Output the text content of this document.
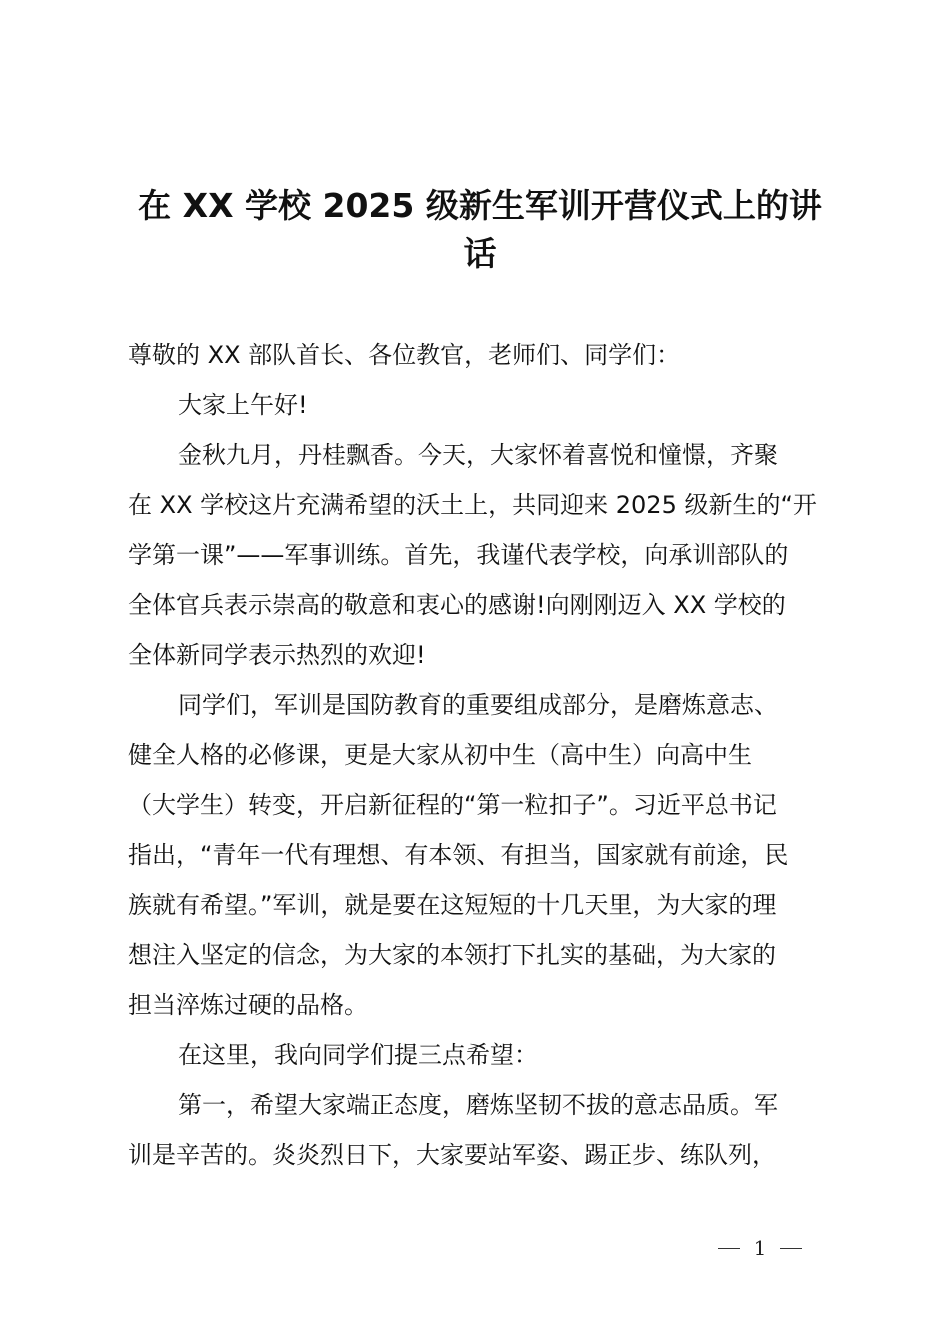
在 XX 学校 2025 级新生军训开营仪式上的讲
话
尊敬的 XX 部队首长、各位教官，老师们、同学们：
大家上午好!
金秋九月，丹桂飘香。今天，大家怀着喜悦和憧憬，齐聚
在 XX 学校这片充满希望的沃土上，共同迎来 2025 级新生的“开
学第一课”——军事训练。首先，我谨代表学校，向承训部队的
全体官兵表示崇高的敬意和衷心的感谢!向刚刚迈入 XX 学校的
全体新同学表示热烈的欢迎!
同学们，军训是国防教育的重要组成部分，是磨炼意志、
健全人格的必修课，更是大家从初中生（高中生）向高中生
（大学生）转变，开启新征程的“第一粒扣子”。习近平总书记
指出，“青年一代有理想、有本领、有担当，国家就有前途，民
族就有希望。”军训，就是要在这短短的十几天里，为大家的理
想注入坚定的信念，为大家的本领打下扎实的基础，为大家的
担当淬炼过硬的品格。
在这里，我向同学们提三点希望：
第一，希望大家端正态度，磨炼坚韧不拔的意志品质。军
训是辛苦的。炎炎烈日下，大家要站军姿、踢正步、练队列，
1
